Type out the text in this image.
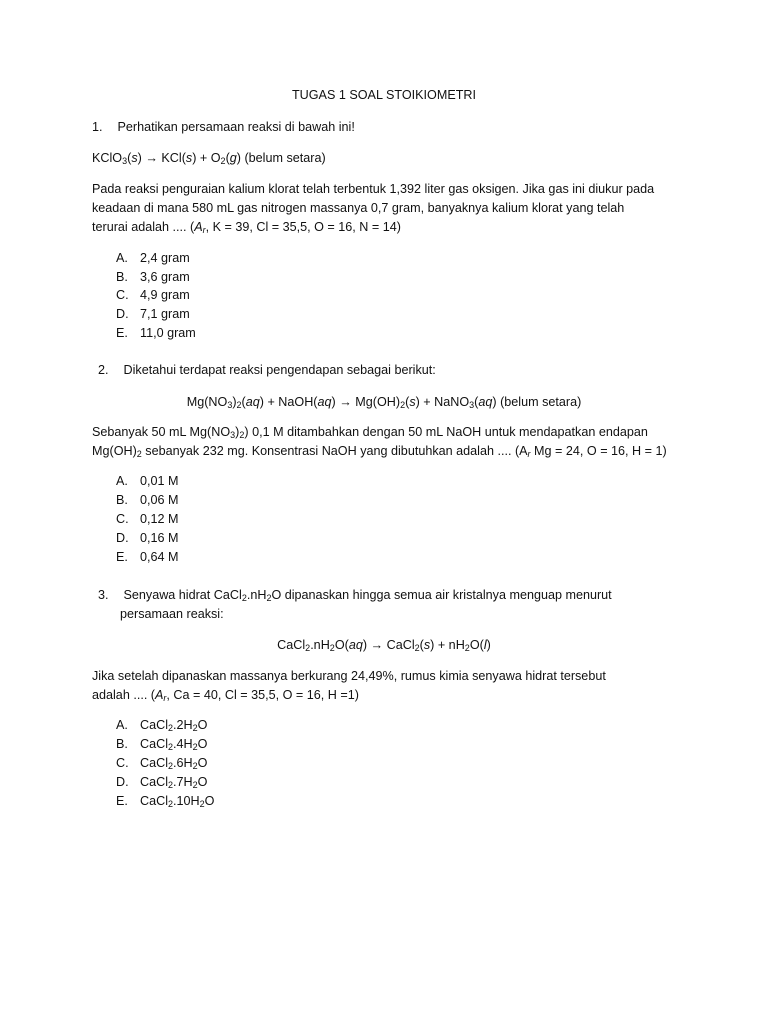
TUGAS 1 SOAL STOIKIOMETRI
1. Perhatikan persamaan reaksi di bawah ini!
KClO$_3$(s) → $KCl(s) + O_2(g)$ (belum setara)
Pada reaksi penguraian kalium klorat telah terbentuk 1,392 liter gas oksigen. Jika gas ini diukur pada
keadaan di mana 580 mL gas nitrogen massanya 0,7 gram, banyaknya kalium klorat yang telah
terurai adalah .... ($A_r$, K = 39, Cl = 35,5, O = 16, N = 14)
A. 2,4 gram
B. 3,6 gram
C. 4,9 gram
D. 7,1 gram
E. 11,0 gram
2. Diketahui terdapat reaksi pengendapan sebagai berikut:
$Mg(NO_3)_2(aq)$ + NaOH(aq) → $Mg(OH)_2(s)$ + NaNO$_3$(aq) (belum setara)
Sebanyak 50 mL $Mg(NO_3)_2$) 0,1 M ditambahkan dengan 50 mL NaOH untuk mendapatkan endapan
$Mg(OH)_2$ sebanyak 232 mg. Konsentrasi NaOH yang dibutuhkan adalah .... ($A_r$ Mg = 24, O = 16, H = 1)
A. 0,01 M
B. 0,06 M
C. 0,12 M
D. 0,16 M
E. 0,64 M
3. Senyawa hidrat $CaCl_2.nH_2O$ dipanaskan hingga semua air kristalnya menguap menurut
persamaan reaksi:
$CaCl_2.nH_2O(aq)$ → CaCl$_2$(s) + $nH_2O(l)$
Jika setelah dipanaskan massanya berkurang 24,49%, rumus kimia senyawa hidrat tersebut
adalah .... ($A_r$, Ca = 40, Cl = 35,5, O = 16, H =1)
A. $CaCl_2.2H_2O$
B. $CaCl_2.4H_2O$
C. $CaCl_2.6H_2O$
D. $CaCl_2.7H_2O$
E. $CaCl_2.10H_2O$
